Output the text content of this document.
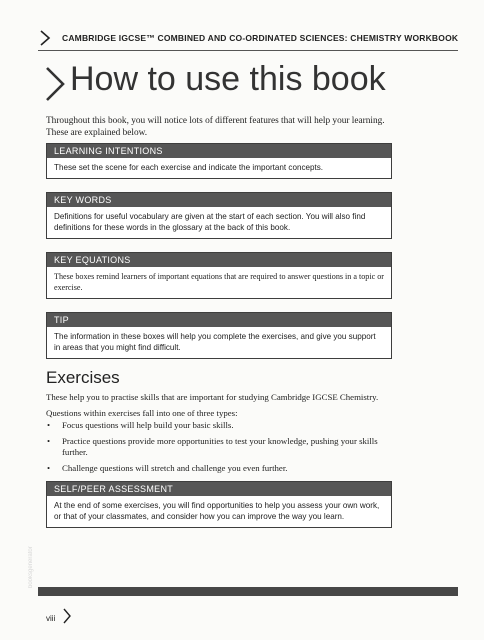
CAMBRIDGE IGCSE™ COMBINED AND CO-ORDINATED SCIENCES: CHEMISTRY WORKBOOK
How to use this book

Throughout this book, you will notice lots of different features that will help your learning. These are explained below.

LEARNING INTENTIONS
These set the scene for each exercise and indicate the important concepts.
KEY WORDS
Definitions for useful vocabulary are given at the start of each section. You will also find definitions for these words in the glossary at the back of this book.
KEY EQUATIONS
These boxes remind learners of important equations that are required to answer questions in a topic or exercise.
TIP
The information in these boxes will help you complete the exercises, and give you support in areas that you might find difficult.
Exercises

These help you to practise skills that are important for studying Cambridge IGCSE Chemistry.

Questions within exercises fall into one of three types:

• Focus questions will help build your basic skills.
• Practice questions provide more opportunities to test your knowledge, pushing your skills further.
• Challenge questions will stretch and challenge you even further.
SELF/PEER ASSESSMENT
At the end of some exercises, you will find opportunities to help you assess your own work, or that of your classmates, and consider how you can improve the way you learn.
booksgenerator
viii
